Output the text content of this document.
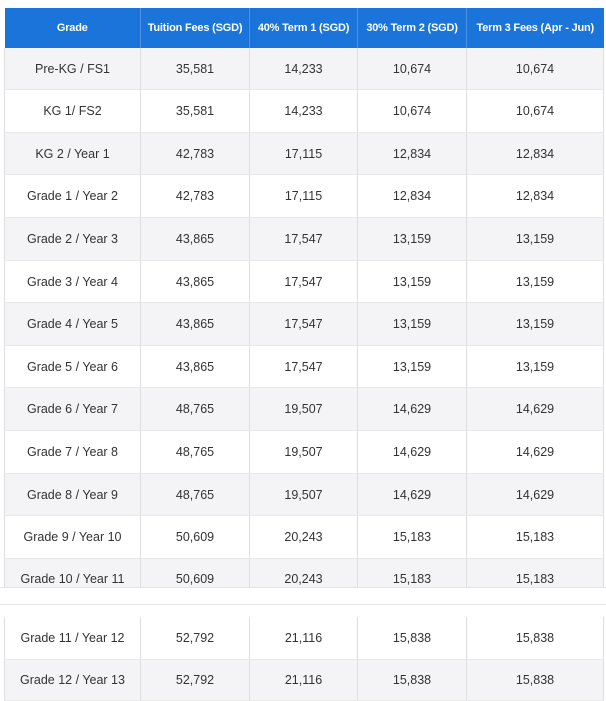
Grade	Tuition Fees (SGD)	40% Term 1 (SGD)	30% Term 2 (SGD)	Term 3 Fees (Apr - Jun)
Pre-KG / FS1	35,581	14,233	10,674	10,674
KG 1/ FS2	35,581	14,233	10,674	10,674
KG 2 / Year 1	42,783	17,115	12,834	12,834
Grade 1 / Year 2	42,783	17,115	12,834	12,834
Grade 2 / Year 3	43,865	17,547	13,159	13,159
Grade 3 / Year 4	43,865	17,547	13,159	13,159
Grade 4 / Year 5	43,865	17,547	13,159	13,159
Grade 5 / Year 6	43,865	17,547	13,159	13,159
Grade 6 / Year 7	48,765	19,507	14,629	14,629
Grade 7 / Year 8	48,765	19,507	14,629	14,629
Grade 8 / Year 9	48,765	19,507	14,629	14,629
Grade 9 / Year 10	50,609	20,243	15,183	15,183
Grade 10 / Year 11	50,609	20,243	15,183	15,183

Grade 11 / Year 12	52,792	21,116	15,838	15,838
Grade 12 / Year 13	52,792	21,116	15,838	15,838
